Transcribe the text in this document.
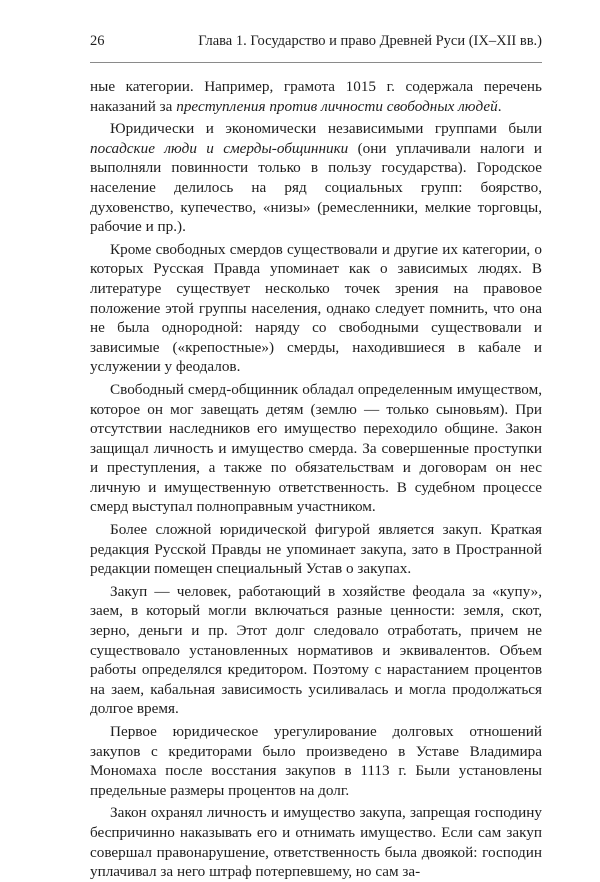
26	Глава 1. Государство и право Древней Руси (IX–XII вв.)

ные категории. Например, грамота 1015 г. содержала перечень наказаний за преступления против личности свободных людей.

Юридически и экономически независимыми группами были посадские люди и смерды-общинники (они уплачивали налоги и выполняли повинности только в пользу государства). Городское население делилось на ряд социальных групп: боярство, духовенство, купечество, «низы» (ремесленники, мелкие торговцы, рабочие и пр.).

Кроме свободных смердов существовали и другие их категории, о которых Русская Правда упоминает как о зависимых людях. В литературе существует несколько точек зрения на правовое положение этой группы населения, однако следует помнить, что она не была однородной: наряду со свободными существовали и зависимые («крепостные») смерды, находившиеся в кабале и услужении у феодалов.

Свободный смерд-общинник обладал определенным имуществом, которое он мог завещать детям (землю — только сыновьям). При отсутствии наследников его имущество переходило общине. Закон защищал личность и имущество смерда. За совершенные проступки и преступления, а также по обязательствам и договорам он нес личную и имущественную ответственность. В судебном процессе смерд выступал полноправным участником.

Более сложной юридической фигурой является закуп. Краткая редакция Русской Правды не упоминает закупа, зато в Пространной редакции помещен специальный Устав о закупах.

Закуп — человек, работающий в хозяйстве феодала за «купу», заем, в который могли включаться разные ценности: земля, скот, зерно, деньги и пр. Этот долг следовало отработать, причем не существовало установленных нормативов и эквивалентов. Объем работы определялся кредитором. Поэтому с нарастанием процентов на заем, кабальная зависимость усиливалась и могла продолжаться долгое время.

Первое юридическое урегулирование долговых отношений закупов с кредиторами было произведено в Уставе Владимира Мономаха после восстания закупов в 1113 г. Были установлены предельные размеры процентов на долг.

Закон охранял личность и имущество закупа, запрещая господину беспричинно наказывать его и отнимать имущество. Если сам закуп совершал правонарушение, ответственность была двоякой: господин уплачивал за него штраф потерпевшему, но сам за-
